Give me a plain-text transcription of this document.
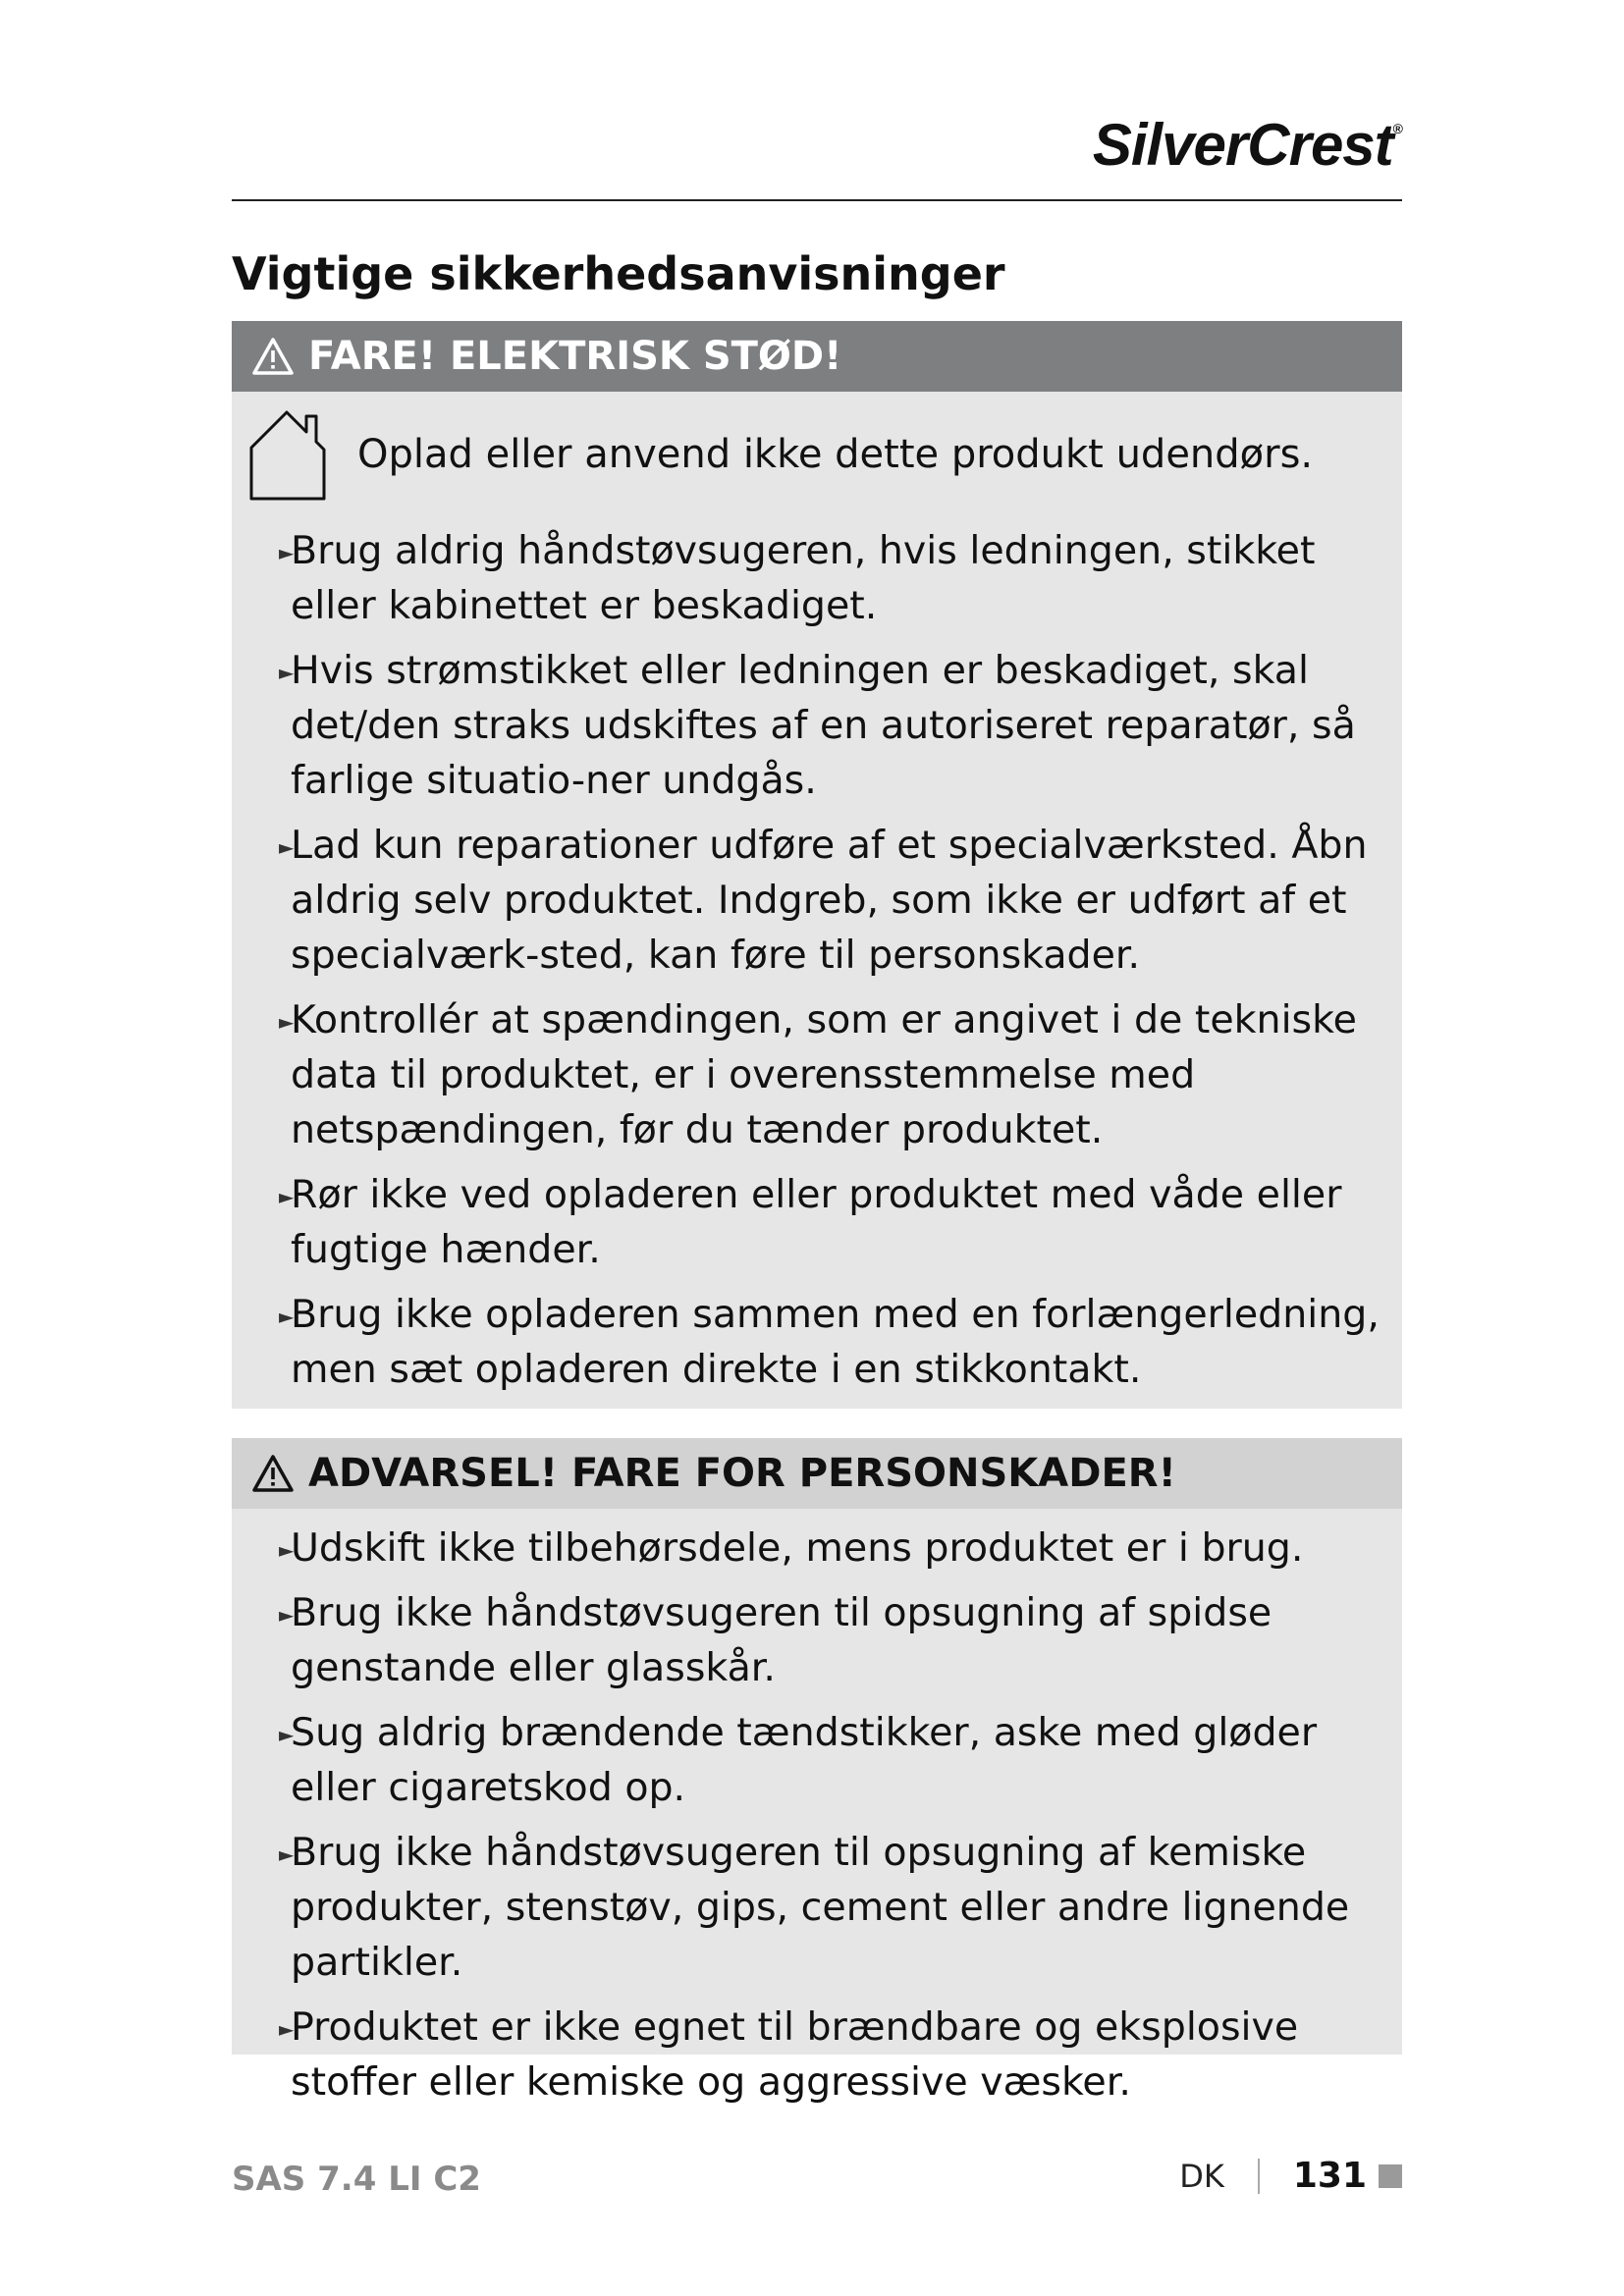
SilverCrest®
Vigtige sikkerhedsanvisninger
FARE! ELEKTRISK STØD!
Oplad eller anvend ikke dette produkt udendørs.
►
Brug aldrig håndstøvsugeren, hvis ledningen, stikket eller kabinettet er beskadiget.
►
Hvis strømstikket eller ledningen er beskadiget, skal det/den straks udskiftes af en autoriseret reparatør, så farlige situatio-ner undgås.
►
Lad kun reparationer udføre af et specialværksted. Åbn aldrig selv produktet. Indgreb, som ikke er udført af et specialværk-sted, kan føre til personskader.
►
Kontrollér at spændingen, som er angivet i de tekniske data til produktet, er i overensstemmelse med netspændingen, før du tænder produktet.
►
Rør ikke ved opladeren eller produktet med våde eller fugtige hænder.
►
Brug ikke opladeren sammen med en forlængerledning, men sæt opladeren direkte i en stikkontakt.
ADVARSEL! FARE FOR PERSONSKADER!
►
Udskift ikke tilbehørsdele, mens produktet er i brug.
►
Brug ikke håndstøvsugeren til opsugning af spidse genstande eller glasskår.
►
Sug aldrig brændende tændstikker, aske med gløder eller cigaretskod op.
►
Brug ikke håndstøvsugeren til opsugning af kemiske produkter, stenstøv, gips, cement eller andre lignende partikler.
►
Produktet er ikke egnet til brændbare og eksplosive stoffer eller kemiske og aggressive væsker.
SAS 7.4 LI C2	DK 131
